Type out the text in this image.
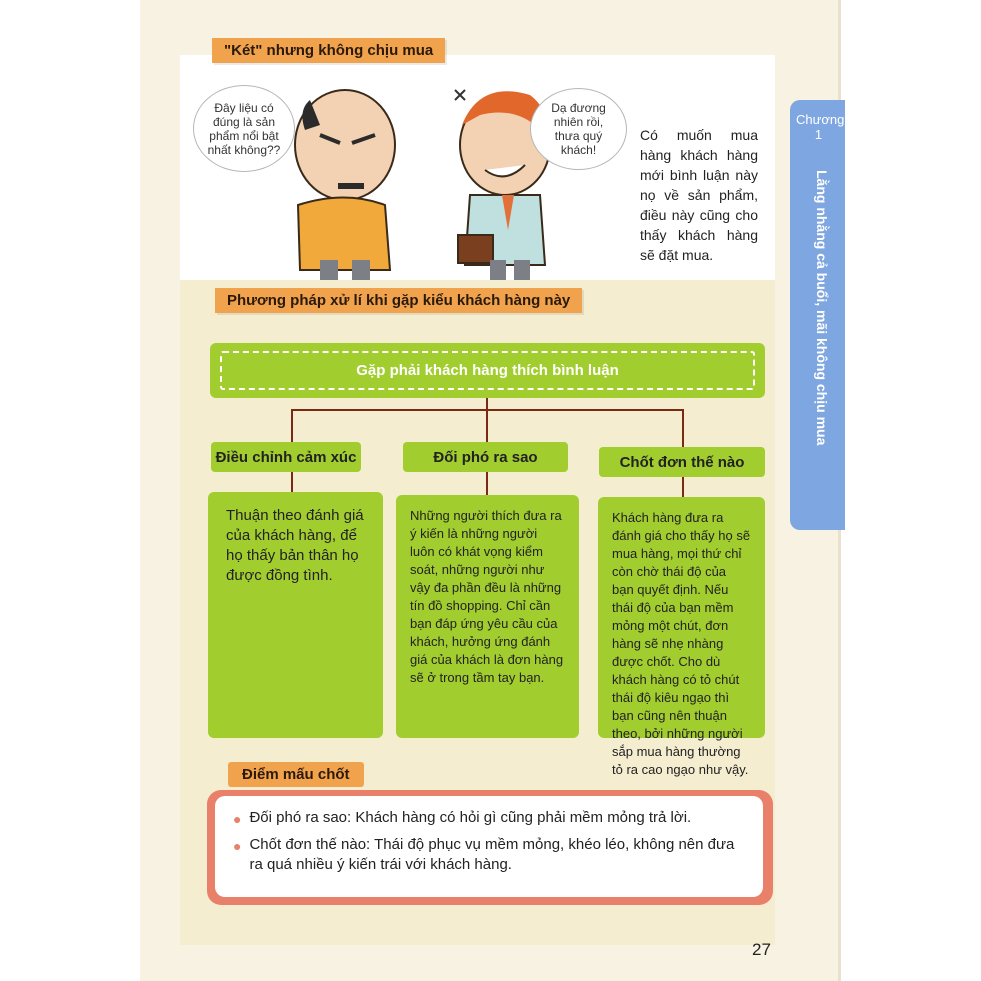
"Két" nhưng không chịu mua
Đây liệu có đúng là sản phẩm nổi bật nhất không??
Dạ đương nhiên rồi, thưa quý khách!
Có muốn mua hàng khách hàng mới bình luận này nọ về sản phẩm, điều này cũng cho thấy khách hàng sẽ đặt mua.
Phương pháp xử lí khi gặp kiểu khách hàng này
Gặp phải khách hàng thích bình luận
Điều chỉnh cảm xúc	Đối phó ra sao	Chốt đơn thế nào
Thuận theo đánh giá của khách hàng, để họ thấy bản thân họ được đồng tình.
Những người thích đưa ra ý kiến là những người luôn có khát vọng kiểm soát, những người như vậy đa phần đều là những tín đồ shopping. Chỉ cần bạn đáp ứng yêu cầu của khách, hưởng ứng đánh giá của khách là đơn hàng sẽ ở trong tầm tay bạn.
Khách hàng đưa ra đánh giá cho thấy họ sẽ mua hàng, mọi thứ chỉ còn chờ thái độ của bạn quyết định. Nếu thái độ của bạn mềm mỏng một chút, đơn hàng sẽ nhẹ nhàng được chốt. Cho dù khách hàng có tỏ chút thái độ kiêu ngạo thì bạn cũng nên thuận theo, bởi những người sắp mua hàng thường tỏ ra cao ngạo như vậy.
● Đối phó ra sao: Khách hàng có hỏi gì cũng phải mềm mỏng trả lời.
● Chốt đơn thế nào: Thái độ phục vụ mềm mỏng, khéo léo, không nên đưa ra quá nhiều ý kiến trái với khách hàng.
Điểm mấu chốt
27
Chương 1
Lằng nhằng cả buổi, mãi không chịu mua
